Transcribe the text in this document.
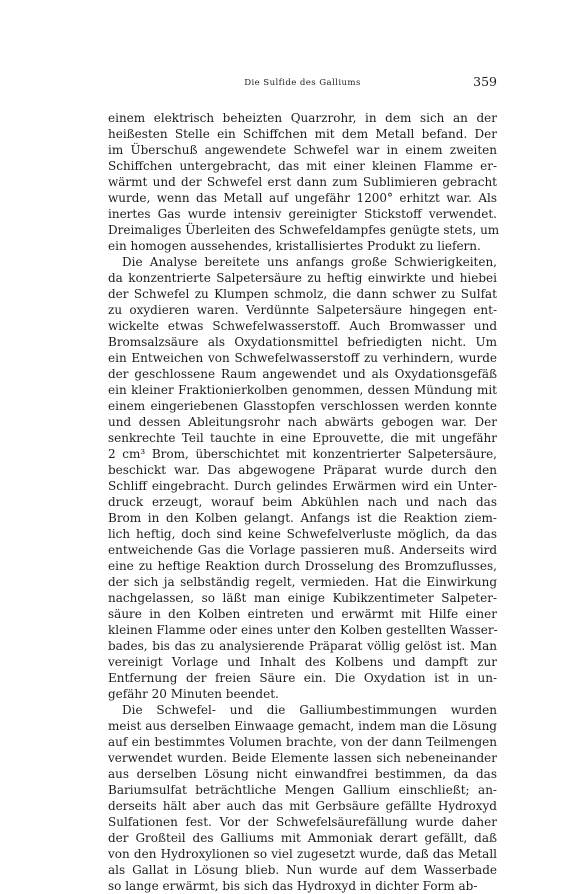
Die Sulfide des Galliums	359
einem elektrisch beheizten Quarzrohr, in dem sich an der
heißesten Stelle ein Schiffchen mit dem Metall befand. Der
im Überschuß angewendete Schwefel war in einem zweiten
Schiffchen untergebracht, das mit einer kleinen Flamme er-
wärmt und der Schwefel erst dann zum Sublimieren gebracht
wurde, wenn das Metall auf ungefähr 1200° erhitzt war. Als
inertes Gas wurde intensiv gereinigter Stickstoff verwendet.
Dreimaliges Überleiten des Schwefeldampfes genügte stets, um
ein homogen aussehendes, kristallisiertes Produkt zu liefern.
Die Analyse bereitete uns anfangs große Schwierigkeiten,
da konzentrierte Salpetersäure zu heftig einwirkte und hiebei
der Schwefel zu Klumpen schmolz, die dann schwer zu Sulfat
zu oxydieren waren. Verdünnte Salpetersäure hingegen ent-
wickelte etwas Schwefelwasserstoff. Auch Bromwasser und
Bromsalzsäure als Oxydationsmittel befriedigten nicht. Um
ein Entweichen von Schwefelwasserstoff zu verhindern, wurde
der geschlossene Raum angewendet und als Oxydationsgefäß
ein kleiner Fraktionierkolben genommen, dessen Mündung mit
einem eingeriebenen Glasstopfen verschlossen werden konnte
und dessen Ableitungsrohr nach abwärts gebogen war. Der
senkrechte Teil tauchte in eine Eprouvette, die mit ungefähr
2 cm³ Brom, überschichtet mit konzentrierter Salpetersäure,
beschickt war. Das abgewogene Präparat wurde durch den
Schliff eingebracht. Durch gelindes Erwärmen wird ein Unter-
druck erzeugt, worauf beim Abkühlen nach und nach das
Brom in den Kolben gelangt. Anfangs ist die Reaktion ziem-
lich heftig, doch sind keine Schwefelverluste möglich, da das
entweichende Gas die Vorlage passieren muß. Anderseits wird
eine zu heftige Reaktion durch Drosselung des Bromzuflusses,
der sich ja selbständig regelt, vermieden. Hat die Einwirkung
nachgelassen, so läßt man einige Kubikzentimeter Salpeter-
säure in den Kolben eintreten und erwärmt mit Hilfe einer
kleinen Flamme oder eines unter den Kolben gestellten Wasser-
bades, bis das zu analysierende Präparat völlig gelöst ist. Man
vereinigt Vorlage und Inhalt des Kolbens und dampft zur
Entfernung der freien Säure ein. Die Oxydation ist in un-
gefähr 20 Minuten beendet.
Die Schwefel- und die Galliumbestimmungen wurden
meist aus derselben Einwaage gemacht, indem man die Lösung
auf ein bestimmtes Volumen brachte, von der dann Teilmengen
verwendet wurden. Beide Elemente lassen sich nebeneinander
aus derselben Lösung nicht einwandfrei bestimmen, da das
Bariumsulfat beträchtliche Mengen Gallium einschließt; an-
derseits hält aber auch das mit Gerbsäure gefällte Hydroxyd
Sulfationen fest. Vor der Schwefelsäurefällung wurde daher
der Großteil des Galliums mit Ammoniak derart gefällt, daß
von den Hydroxylionen so viel zugesetzt wurde, daß das Metall
als Gallat in Lösung blieb. Nun wurde auf dem Wasserbade
so lange erwärmt, bis sich das Hydroxyd in dichter Form ab-
